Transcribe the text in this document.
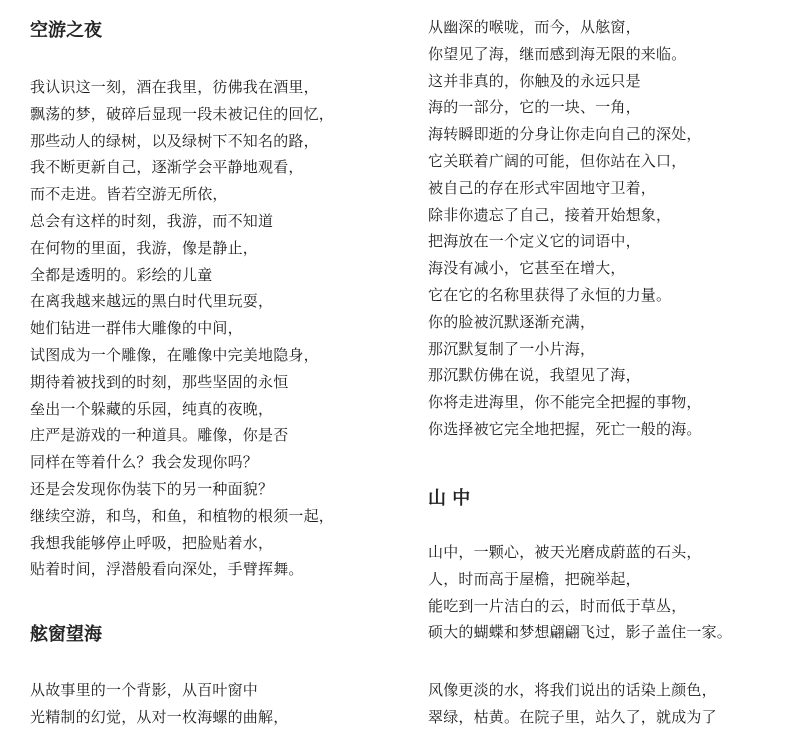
空游之夜

我认识这一刻，酒在我里，彷佛我在酒里，

飘荡的梦，破碎后显现一段未被记住的回忆，

那些动人的绿树，以及绿树下不知名的路，

我不断更新自己，逐渐学会平静地观看，

而不走进。皆若空游无所依，

总会有这样的时刻，我游，而不知道

在何物的里面，我游，像是静止，

全都是透明的。彩绘的儿童

在离我越来越远的黑白时代里玩耍，

她们钻进一群伟大雕像的中间，

试图成为一个雕像，在雕像中完美地隐身，

期待着被找到的时刻，那些坚固的永恒

垒出一个躲藏的乐园，纯真的夜晚，

庄严是游戏的一种道具。雕像，你是否

同样在等着什么？我会发现你吗？

还是会发现你伪装下的另一种面貌？

继续空游，和鸟，和鱼，和植物的根须一起，

我想我能够停止呼吸，把脸贴着水，

贴着时间，浮潜般看向深处，手臂挥舞。

舷窗望海

从故事里的一个背影，从百叶窗中

光精制的幻觉，从对一枚海螺的曲解，

从幽深的喉咙，而今，从舷窗，

你望见了海，继而感到海无限的来临。

这并非真的，你触及的永远只是

海的一部分，它的一块、一角，

海转瞬即逝的分身让你走向自己的深处，

它关联着广阔的可能，但你站在入口，

被自己的存在形式牢固地守卫着，

除非你遗忘了自己，接着开始想象，

把海放在一个定义它的词语中，

海没有减小，它甚至在增大，

它在它的名称里获得了永恒的力量。

你的脸被沉默逐渐充满，

那沉默复制了一小片海，

那沉默仿佛在说，我望见了海，

你将走进海里，你不能完全把握的事物，

你选择被它完全地把握，死亡一般的海。

山 中

山中，一颗心，被天光磨成蔚蓝的石头，

人，时而高于屋檐，把碗举起，

能吃到一片洁白的云，时而低于草丛，

硕大的蝴蝶和梦想翩翩飞过，影子盖住一家。

风像更淡的水，将我们说出的话染上颜色，

翠绿，枯黄。在院子里，站久了，就成为了
